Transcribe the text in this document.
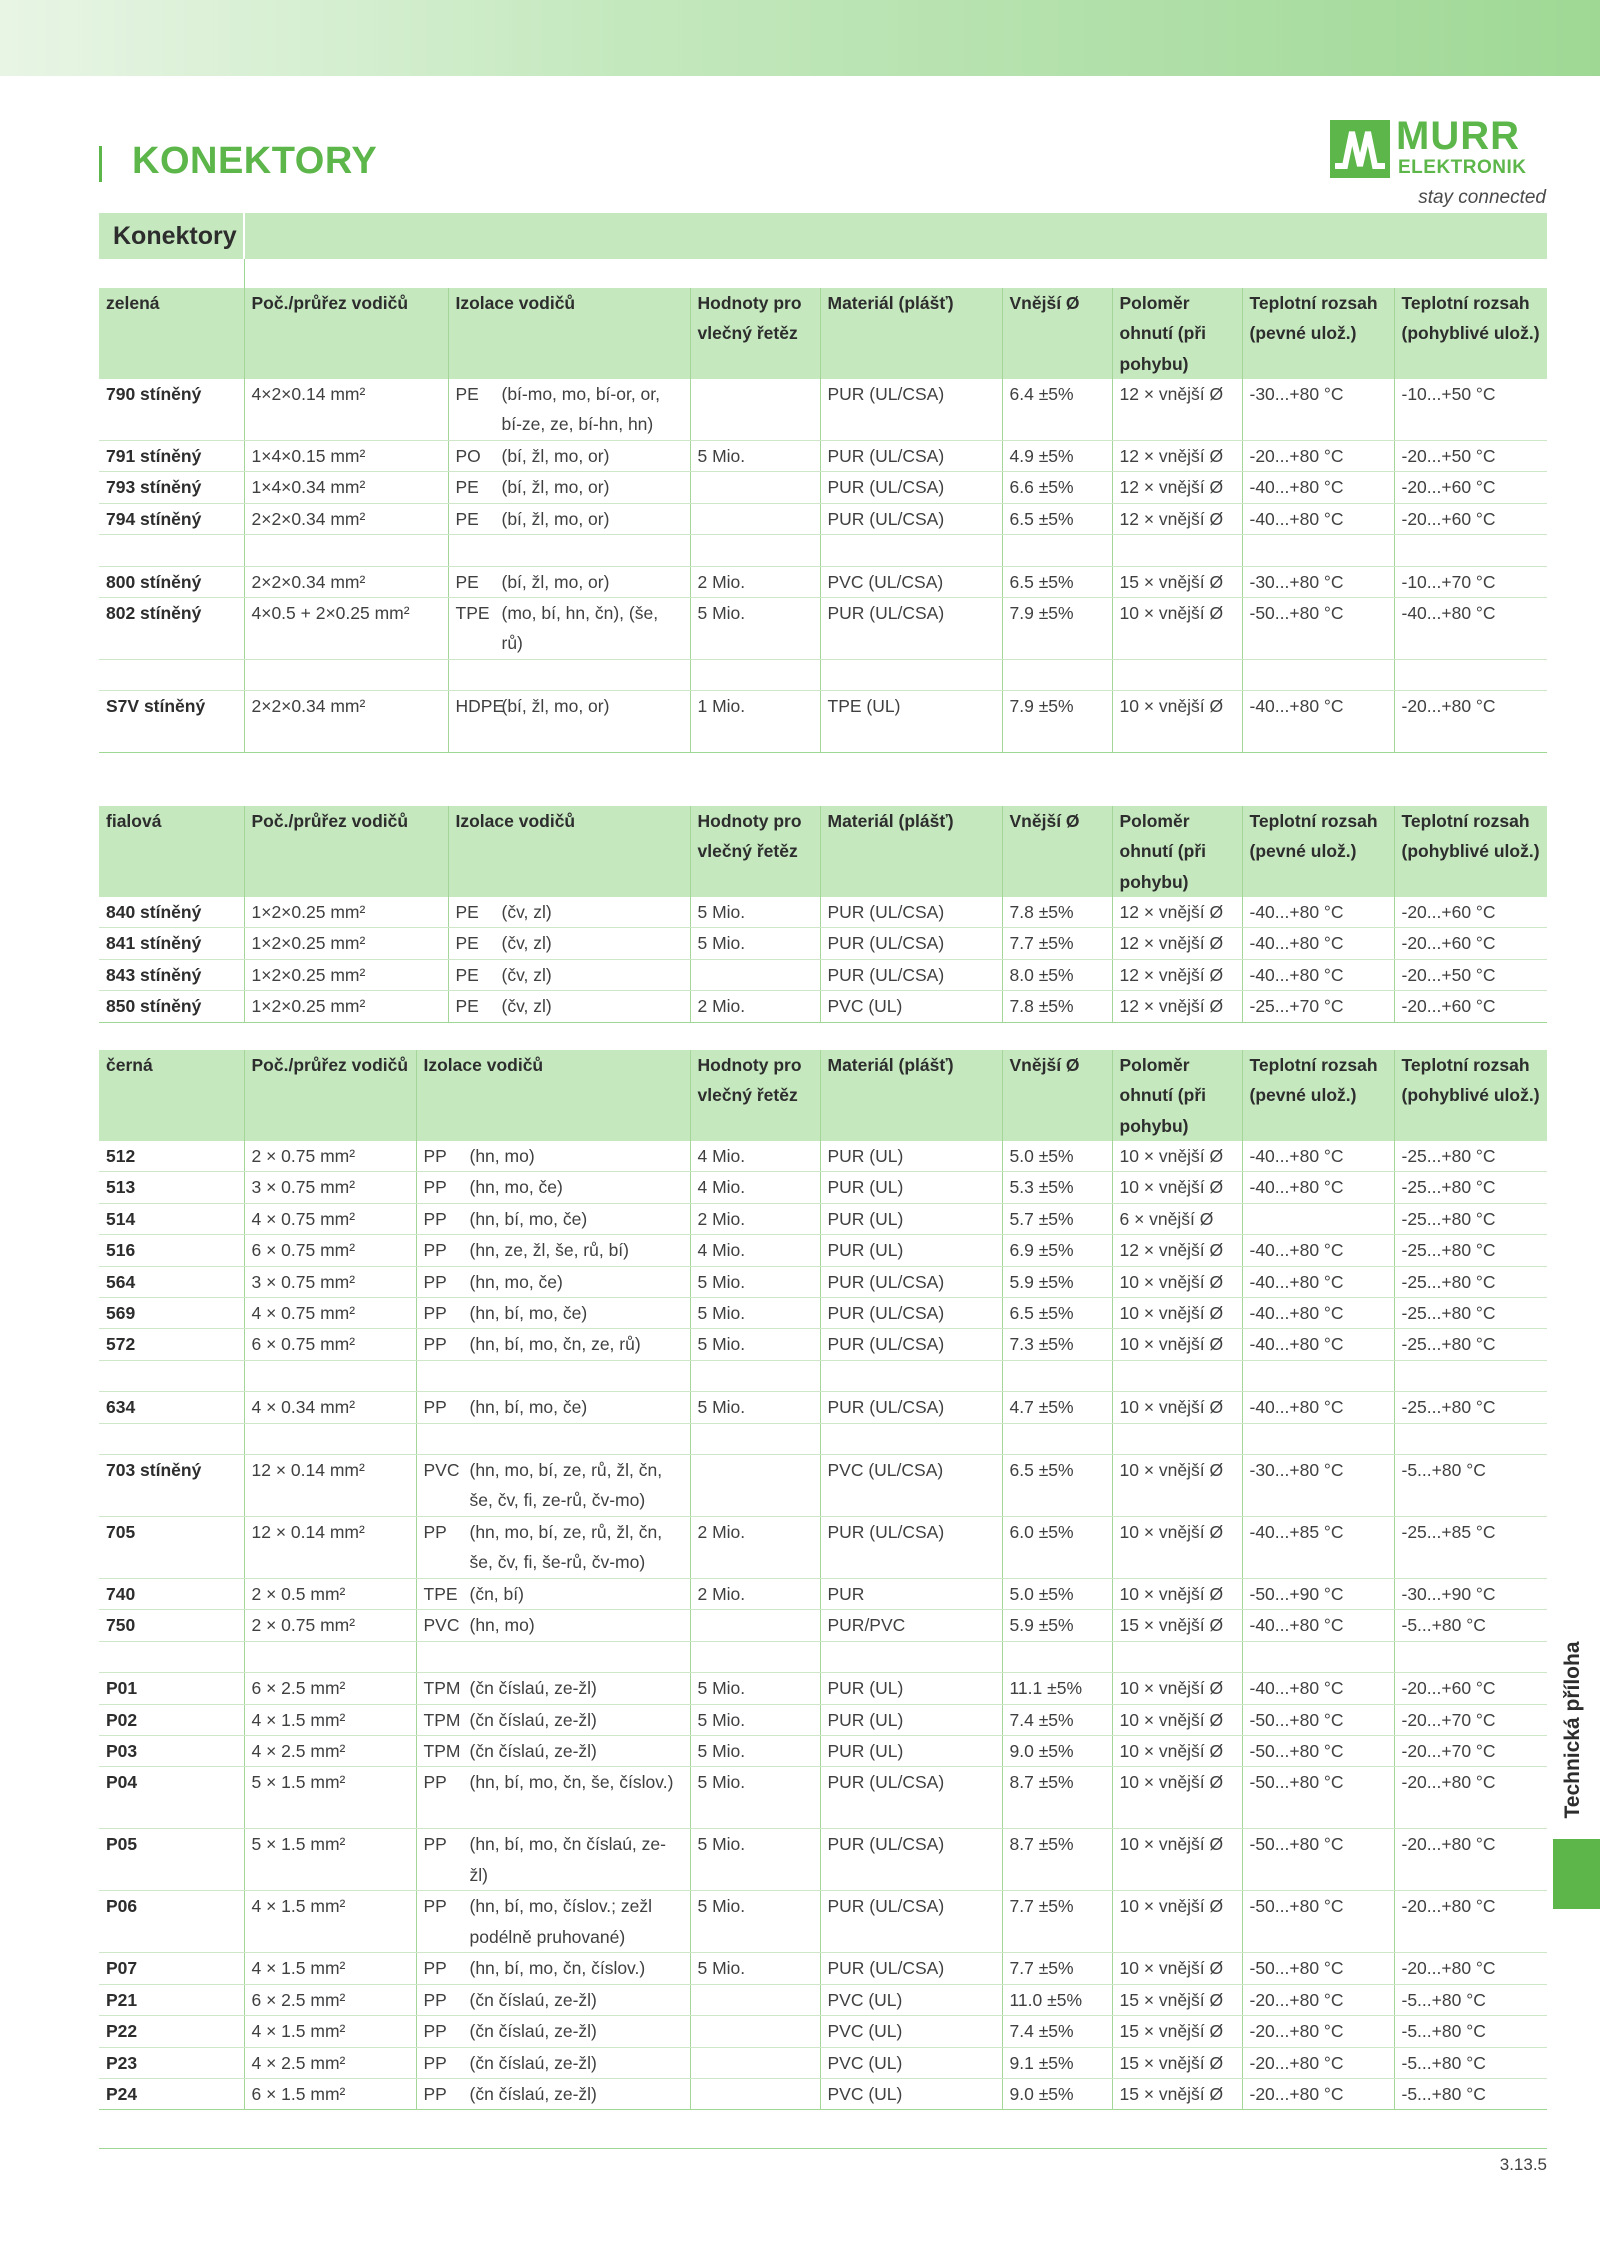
KONEKTORY
MURR
ELEKTRONIK
stay connected
Konektory
zelená	Poč./průřez vodičů	Izolace vodičů	Hodnoty pro vlečný řetěz	Materiál (plášť)	Vnější Ø	Poloměr ohnutí (při pohybu)	Teplotní rozsah (pevné ulož.)	Teplotní rozsah (pohyblivé ulož.)
790 stíněný	4×2×0.14 mm²	PE (bí-mo, mo, bí-or, or, bí-ze, ze, bí-hn, hn)		PUR (UL/CSA)	6.4 ±5%	12 × vnější Ø	-30...+80 °C	-10...+50 °C
791 stíněný	1×4×0.15 mm²	PO (bí, žl, mo, or)	5 Mio.	PUR (UL/CSA)	4.9 ±5%	12 × vnější Ø	-20...+80 °C	-20...+50 °C
793 stíněný	1×4×0.34 mm²	PE (bí, žl, mo, or)		PUR (UL/CSA)	6.6 ±5%	12 × vnější Ø	-40...+80 °C	-20...+60 °C
794 stíněný	2×2×0.34 mm²	PE (bí, žl, mo, or)		PUR (UL/CSA)	6.5 ±5%	12 × vnější Ø	-40...+80 °C	-20...+60 °C

800 stíněný	2×2×0.34 mm²	PE (bí, žl, mo, or)	2 Mio.	PVC (UL/CSA)	6.5 ±5%	15 × vnější Ø	-30...+80 °C	-10...+70 °C
802 stíněný	4×0.5 + 2×0.25 mm²	TPE (mo, bí, hn, čn), (še, rů)	5 Mio.	PUR (UL/CSA)	7.9 ±5%	10 × vnější Ø	-50...+80 °C	-40...+80 °C

S7V stíněný	2×2×0.34 mm²	HDPE(bí, žl, mo, or)	1 Mio.	TPE (UL)	7.9 ±5%	10 × vnější Ø	-40...+80 °C	-20...+80 °C
fialová	Poč./průřez vodičů	Izolace vodičů	Hodnoty pro vlečný řetěz	Materiál (plášť)	Vnější Ø	Poloměr ohnutí (při pohybu)	Teplotní rozsah (pevné ulož.)	Teplotní rozsah (pohyblivé ulož.)
840 stíněný	1×2×0.25 mm²	PE (čv, zl)	5 Mio.	PUR (UL/CSA)	7.8 ±5%	12 × vnější Ø	-40...+80 °C	-20...+60 °C
841 stíněný	1×2×0.25 mm²	PE (čv, zl)	5 Mio.	PUR (UL/CSA)	7.7 ±5%	12 × vnější Ø	-40...+80 °C	-20...+60 °C
843 stíněný	1×2×0.25 mm²	PE (čv, zl)		PUR (UL/CSA)	8.0 ±5%	12 × vnější Ø	-40...+80 °C	-20...+50 °C
850 stíněný	1×2×0.25 mm²	PE (čv, zl)	2 Mio.	PVC (UL)	7.8 ±5%	12 × vnější Ø	-25...+70 °C	-20...+60 °C
černá	Poč./průřez vodičů	Izolace vodičů	Hodnoty pro vlečný řetěz	Materiál (plášť)	Vnější Ø	Poloměr ohnutí (při pohybu)	Teplotní rozsah (pevné ulož.)	Teplotní rozsah (pohyblivé ulož.)
512	2 × 0.75 mm²	PP (hn, mo)	4 Mio.	PUR (UL)	5.0 ±5%	10 × vnější Ø	-40...+80 °C	-25...+80 °C
513	3 × 0.75 mm²	PP (hn, mo, če)	4 Mio.	PUR (UL)	5.3 ±5%	10 × vnější Ø	-40...+80 °C	-25...+80 °C
514	4 × 0.75 mm²	PP (hn, bí, mo, če)	2 Mio.	PUR (UL)	5.7 ±5%	6 × vnější Ø		-25...+80 °C
516	6 × 0.75 mm²	PP (hn, ze, žl, še, rů, bí)	4 Mio.	PUR (UL)	6.9 ±5%	12 × vnější Ø	-40...+80 °C	-25...+80 °C
564	3 × 0.75 mm²	PP (hn, mo, če)	5 Mio.	PUR (UL/CSA)	5.9 ±5%	10 × vnější Ø	-40...+80 °C	-25...+80 °C
569	4 × 0.75 mm²	PP (hn, bí, mo, če)	5 Mio.	PUR (UL/CSA)	6.5 ±5%	10 × vnější Ø	-40...+80 °C	-25...+80 °C
572	6 × 0.75 mm²	PP (hn, bí, mo, čn, ze, rů)	5 Mio.	PUR (UL/CSA)	7.3 ±5%	10 × vnější Ø	-40...+80 °C	-25...+80 °C

634	4 × 0.34 mm²	PP (hn, bí, mo, če)	5 Mio.	PUR (UL/CSA)	4.7 ±5%	10 × vnější Ø	-40...+80 °C	-25...+80 °C

703 stíněný	12 × 0.14 mm²	PVC (hn, mo, bí, ze, rů, žl, čn, še, čv, fi, ze-rů, čv-mo)		PVC (UL/CSA)	6.5 ±5%	10 × vnější Ø	-30...+80 °C	-5...+80 °C
705	12 × 0.14 mm²	PP (hn, mo, bí, ze, rů, žl, čn, še, čv, fi, še-rů, čv-mo)	2 Mio.	PUR (UL/CSA)	6.0 ±5%	10 × vnější Ø	-40...+85 °C	-25...+85 °C
740	2 × 0.5 mm²	TPE (čn, bí)	2 Mio.	PUR	5.0 ±5%	10 × vnější Ø	-50...+90 °C	-30...+90 °C
750	2 × 0.75 mm²	PVC (hn, mo)		PUR/PVC	5.9 ±5%	15 × vnější Ø	-40...+80 °C	-5...+80 °C

P01	6 × 2.5 mm²	TPM (čn číslaú, ze-žl)	5 Mio.	PUR (UL)	11.1 ±5%	10 × vnější Ø	-40...+80 °C	-20...+60 °C
P02	4 × 1.5 mm²	TPM (čn číslaú, ze-žl)	5 Mio.	PUR (UL)	7.4 ±5%	10 × vnější Ø	-50...+80 °C	-20...+70 °C
P03	4 × 2.5 mm²	TPM (čn číslaú, ze-žl)	5 Mio.	PUR (UL)	9.0 ±5%	10 × vnější Ø	-50...+80 °C	-20...+70 °C
P04	5 × 1.5 mm²	PP (hn, bí, mo, čn, še, číslov.)	5 Mio.	PUR (UL/CSA)	8.7 ±5%	10 × vnější Ø	-50...+80 °C	-20...+80 °C
P05	5 × 1.5 mm²	PP (hn, bí, mo, čn číslaú, ze-žl)	5 Mio.	PUR (UL/CSA)	8.7 ±5%	10 × vnější Ø	-50...+80 °C	-20...+80 °C
P06	4 × 1.5 mm²	PP (hn, bí, mo, číslov.; zežl podélně pruhované)	5 Mio.	PUR (UL/CSA)	7.7 ±5%	10 × vnější Ø	-50...+80 °C	-20...+80 °C
P07	4 × 1.5 mm²	PP (hn, bí, mo, čn, číslov.)	5 Mio.	PUR (UL/CSA)	7.7 ±5%	10 × vnější Ø	-50...+80 °C	-20...+80 °C
P21	6 × 2.5 mm²	PP (čn číslaú, ze-žl)		PVC (UL)	11.0 ±5%	15 × vnější Ø	-20...+80 °C	-5...+80 °C
P22	4 × 1.5 mm²	PP (čn číslaú, ze-žl)		PVC (UL)	7.4 ±5%	15 × vnější Ø	-20...+80 °C	-5...+80 °C
P23	4 × 2.5 mm²	PP (čn číslaú, ze-žl)		PVC (UL)	9.1 ±5%	15 × vnější Ø	-20...+80 °C	-5...+80 °C
P24	6 × 1.5 mm²	PP (čn číslaú, ze-žl)		PVC (UL)	9.0 ±5%	15 × vnější Ø	-20...+80 °C	-5...+80 °C
3.13.5
Technická příloha
